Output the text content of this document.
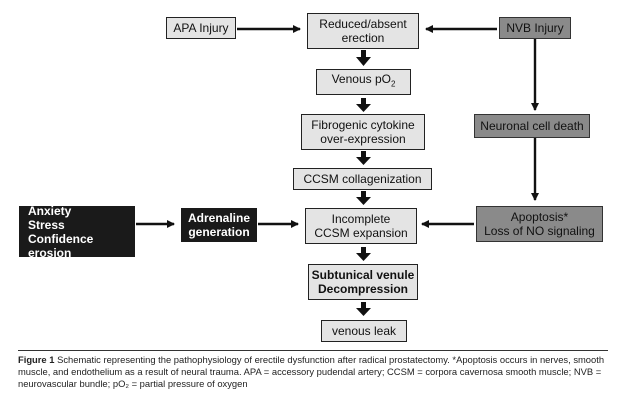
APA Injury	Reduced/absent
erection
NVB Injury
Venous $pO_2$
Fibrogenic cytokine
over-expression
Neuronal cell death
CCSM collagenization
Anxiety
Stress
Confidence erosion
Adrenaline
generation
Incomplete
CCSM expansion
Apoptosis*
Loss of NO signaling
Subtunical venule
Decompression
venous leak
Figure 1 Schematic representing the pathophysiology of erectile dysfunction after radical prostatectomy. *Apoptosis occurs in nerves, smooth muscle, and endothelium as a result of neural trauma. APA = accessory pudendal artery; CCSM = corpora cavernosa smooth muscle; NVB = neurovascular bundle; pO₂ = partial pressure of oxygen
